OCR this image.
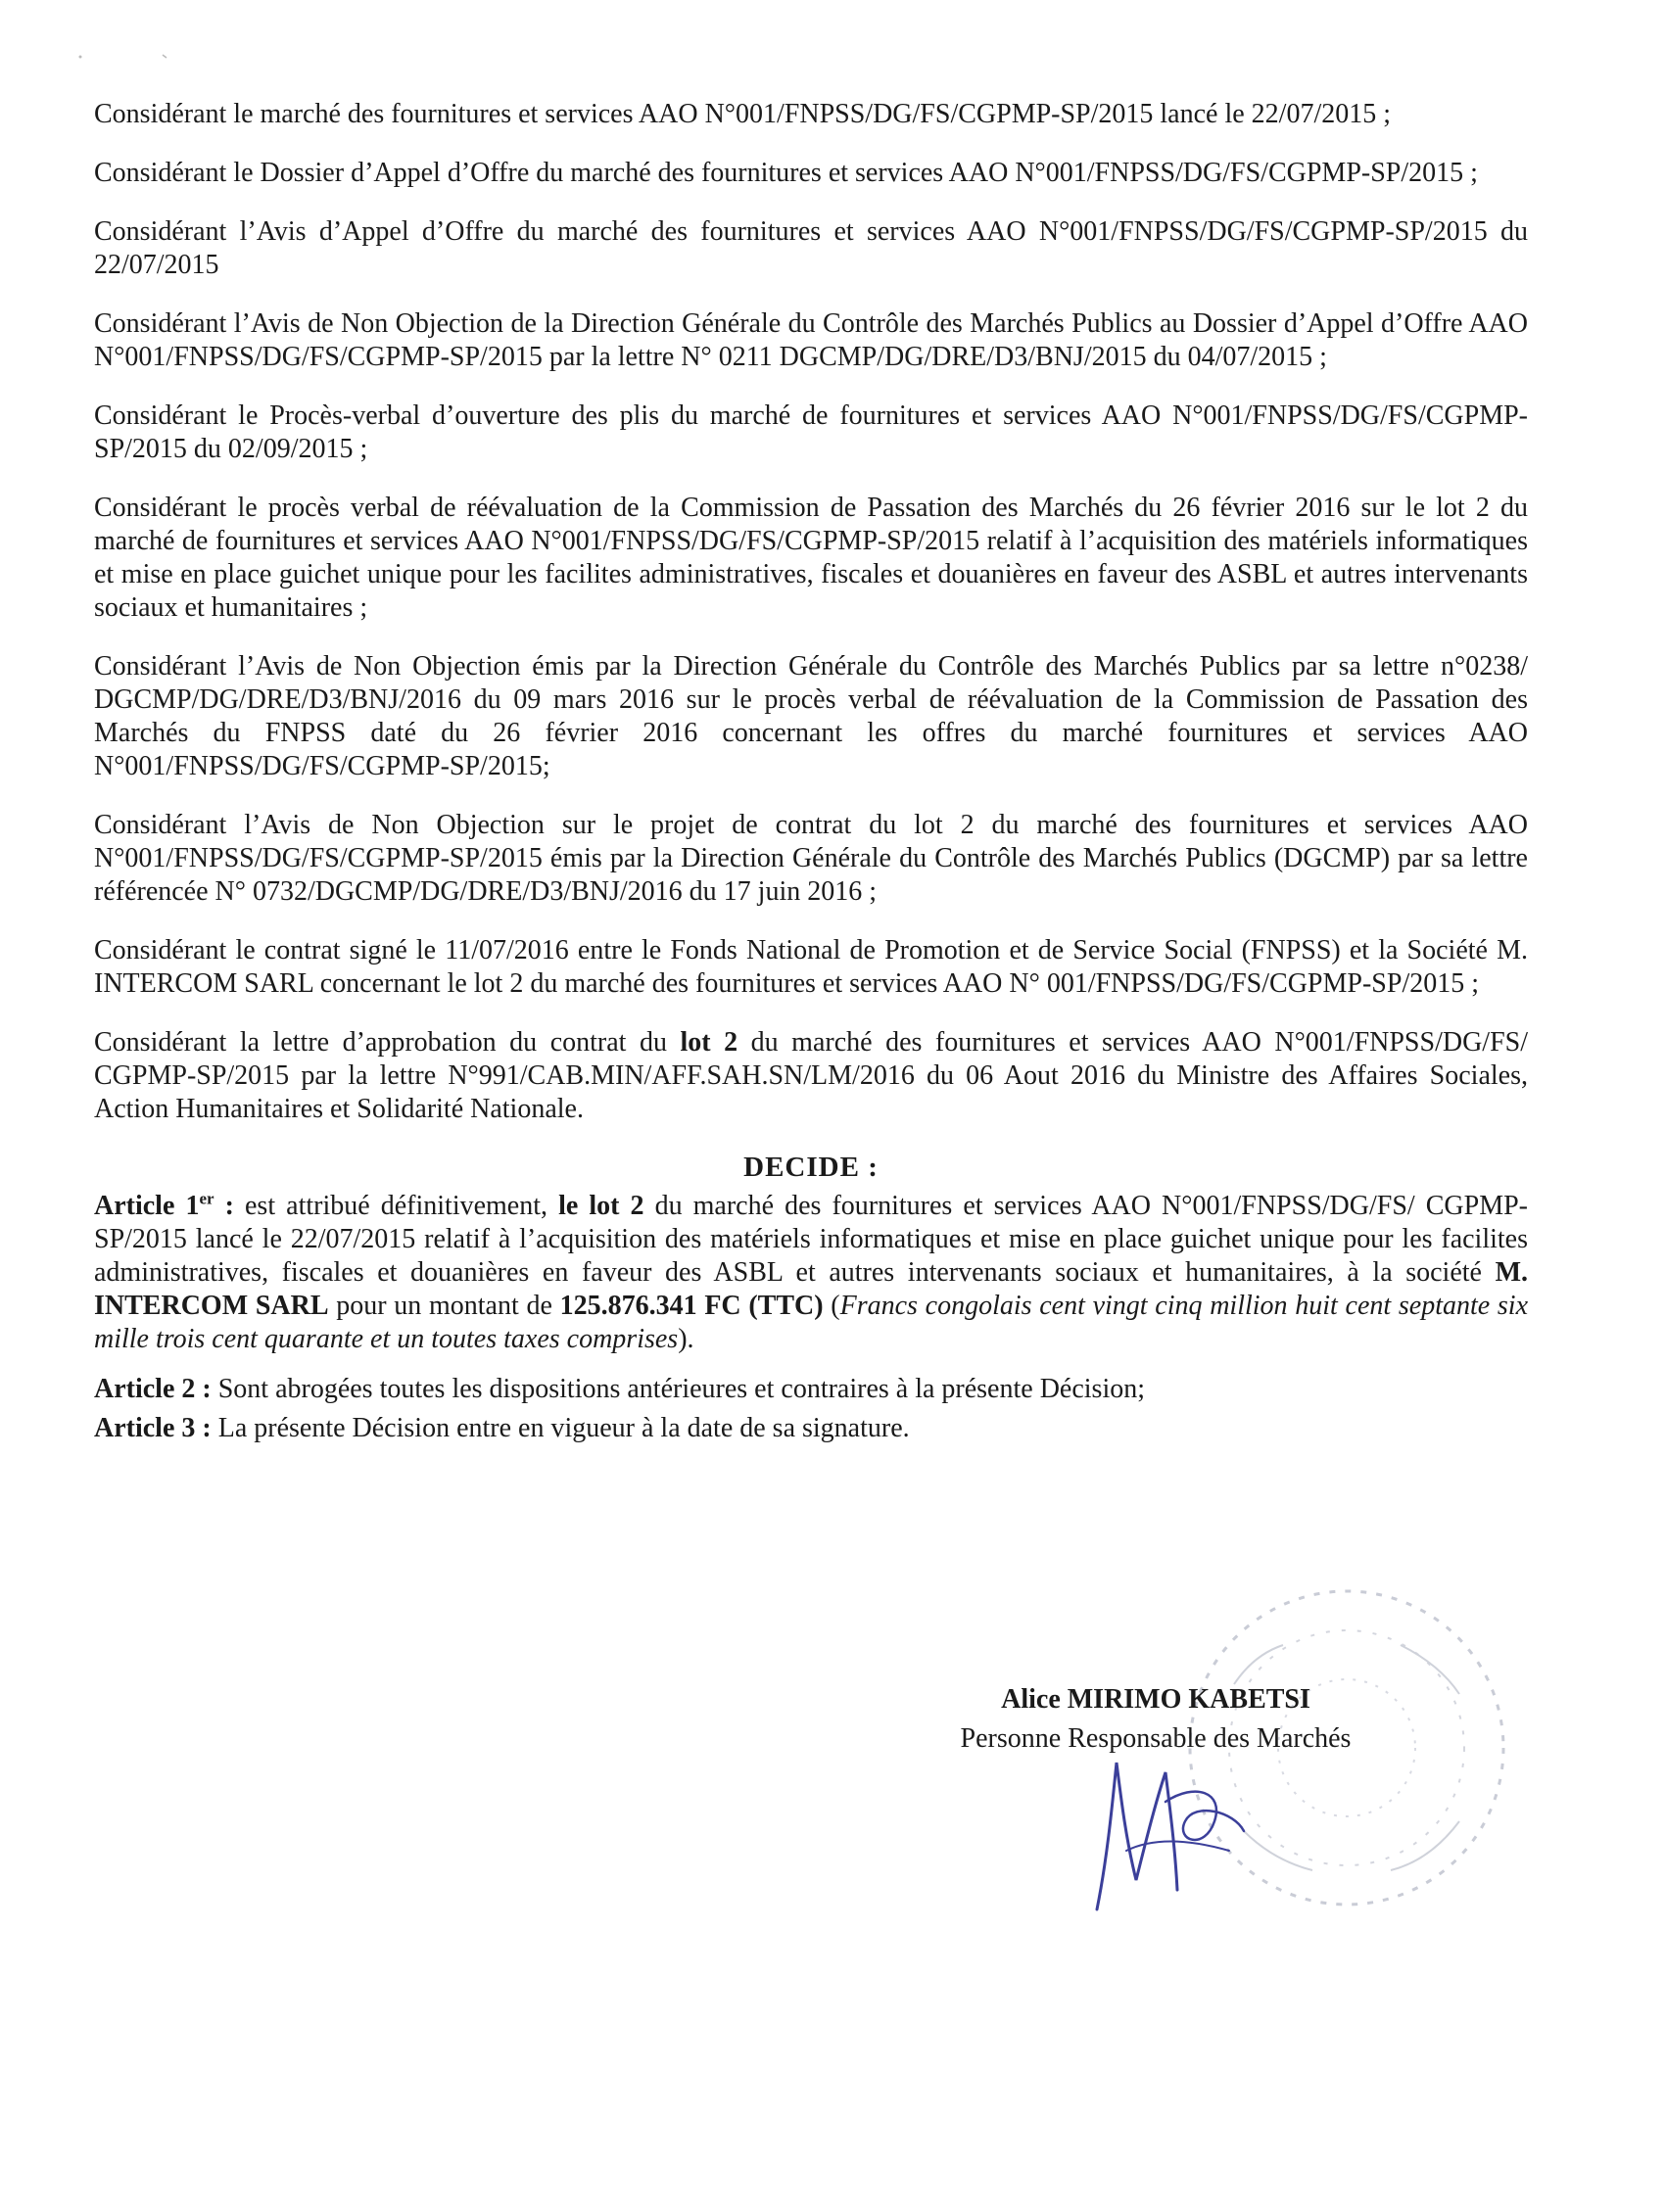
Considérant le marché des fournitures et services AAO N°001/FNPSS/DG/FS/CGPMP-SP/2015 lancé le 22/07/2015 ;

Considérant le Dossier d’Appel d’Offre du marché des fournitures et services AAO N°001/FNPSS/DG/FS/CGPMP-SP/2015 ;

Considérant l’Avis d’Appel d’Offre du marché des fournitures et services AAO N°001/FNPSS/DG/FS/CGPMP-SP/2015 du 22/07/2015

Considérant l’Avis de Non Objection de la Direction Générale du Contrôle des Marchés Publics au Dossier d’Appel d’Offre AAO N°001/FNPSS/DG/FS/CGPMP-SP/2015 par la lettre N° 0211 DGCMP/DG/DRE/D3/BNJ/2015 du 04/07/2015 ;

Considérant le Procès-verbal d’ouverture des plis du marché de fournitures et services AAO N°001/FNPSS/DG/FS/CGPMP-SP/2015 du 02/09/2015 ;

Considérant le procès verbal de réévaluation de la Commission de Passation des Marchés du 26 février 2016 sur le lot 2 du marché de fournitures et services AAO N°001/FNPSS/DG/FS/CGPMP-SP/2015 relatif à l’acquisition des matériels informatiques et mise en place guichet unique pour les facilites administratives, fiscales et douanières en faveur des ASBL et autres intervenants sociaux et humanitaires ;

Considérant l’Avis de Non Objection émis par la Direction Générale du Contrôle des Marchés Publics par sa lettre n°0238/ DGCMP/DG/DRE/D3/BNJ/2016 du 09 mars 2016 sur le procès verbal de réévaluation de la Commission de Passation des Marchés du FNPSS daté du 26 février 2016 concernant les offres du marché fournitures et services AAO N°001/FNPSS/DG/FS/CGPMP-SP/2015;

Considérant l’Avis de Non Objection sur le projet de contrat du lot 2 du marché des fournitures et services AAO N°001/FNPSS/DG/FS/CGPMP-SP/2015 émis par la Direction Générale du Contrôle des Marchés Publics (DGCMP) par sa lettre référencée N° 0732/DGCMP/DG/DRE/D3/BNJ/2016 du 17 juin 2016 ;

Considérant le contrat signé le 11/07/2016 entre le Fonds National de Promotion et de Service Social (FNPSS) et la Société M. INTERCOM SARL concernant le lot 2 du marché des fournitures et services AAO N° 001/FNPSS/DG/FS/CGPMP-SP/2015 ;

Considérant la lettre d’approbation du contrat du lot 2 du marché des fournitures et services AAO N°001/FNPSS/DG/FS/ CGPMP-SP/2015 par la lettre N°991/CAB.MIN/AFF.SAH.SN/LM/2016 du 06 Aout 2016 du Ministre des Affaires Sociales, Action Humanitaires et Solidarité Nationale.

DECIDE :

Article 1er : est attribué définitivement, le lot 2 du marché des fournitures et services AAO N°001/FNPSS/DG/FS/ CGPMP-SP/2015 lancé le 22/07/2015 relatif à l’acquisition des matériels informatiques et mise en place guichet unique pour les facilites administratives, fiscales et douanières en faveur des ASBL et autres intervenants sociaux et humanitaires, à la société M. INTERCOM SARL pour un montant de 125.876.341 FC (TTC) (Francs congolais cent vingt cinq million huit cent septante six mille trois cent quarante et un toutes taxes comprises).

Article 2 : Sont abrogées toutes les dispositions antérieures et contraires à la présente Décision;

Article 3 : La présente Décision entre en vigueur à la date de sa signature.

Alice MIRIMO KABETSI
Personne Responsable des Marchés
